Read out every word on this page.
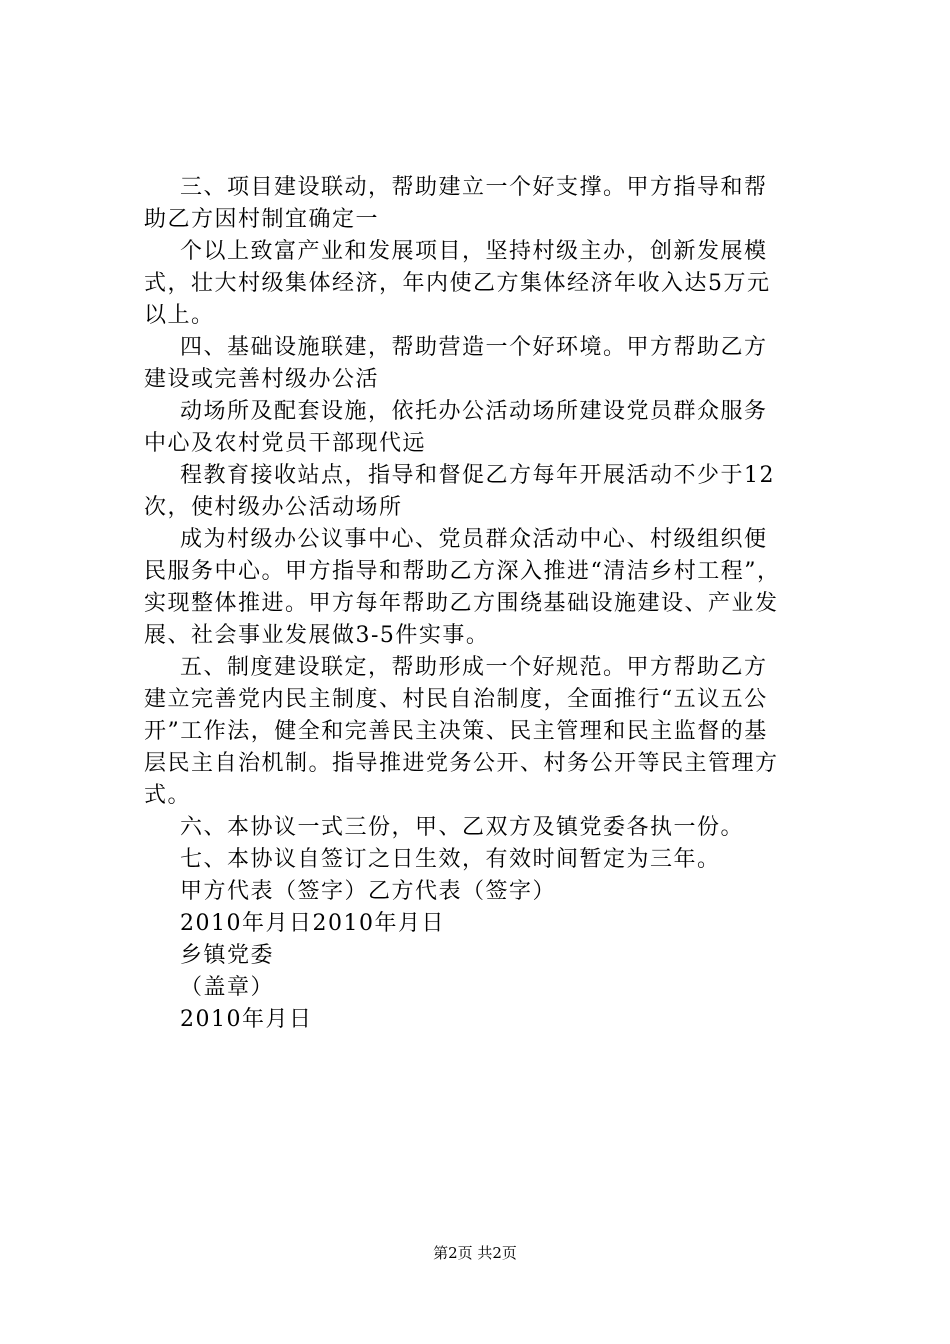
三、项目建设联动，帮助建立一个好支撑。甲方指导和帮
助乙方因村制宜确定一
个以上致富产业和发展项目，坚持村级主办，创新发展模
式，壮大村级集体经济，年内使乙方集体经济年收入达5万元
以上。
四、基础设施联建，帮助营造一个好环境。甲方帮助乙方
建设或完善村级办公活
动场所及配套设施，依托办公活动场所建设党员群众服务
中心及农村党员干部现代远
程教育接收站点，指导和督促乙方每年开展活动不少于12
次，使村级办公活动场所
成为村级办公议事中心、党员群众活动中心、村级组织便
民服务中心。甲方指导和帮助乙方深入推进“清洁乡村工程”，
实现整体推进。甲方每年帮助乙方围绕基础设施建设、产业发
展、社会事业发展做3-5件实事。
五、制度建设联定，帮助形成一个好规范。甲方帮助乙方
建立完善党内民主制度、村民自治制度，全面推行“五议五公
开”工作法，健全和完善民主决策、民主管理和民主监督的基
层民主自治机制。指导推进党务公开、村务公开等民主管理方
式。
六、本协议一式三份，甲、乙双方及镇党委各执一份。
七、本协议自签订之日生效，有效时间暂定为三年。
甲方代表（签字）乙方代表（签字）
2010年月日2010年月日
乡镇党委
（盖章）
2010年月日
第2页 共2页
